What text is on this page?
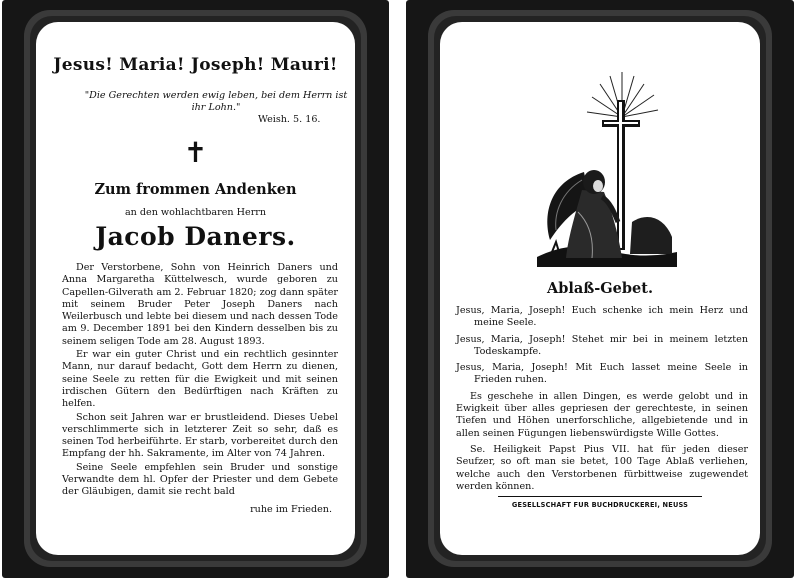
Jesus! Maria! Joseph! Mauri!
"Die Gerechten werden ewig leben, bei dem Herrn ist ihr Lohn."
Weish. 5. 16.
✝
Zum frommen Andenken
an den wohlachtbaren Herrn
Jacob Daners.
Der Verstorbene, Sohn von Heinrich Daners und Anna Margaretha Küttelwesch, wurde geboren zu Capellen-Gilverath am 2. Februar 1820; zog dann später mit seinem Bruder Peter Joseph Daners nach Weilerbusch und lebte bei diesem und nach dessen Tode am 9. December 1891 bei den Kindern desselben bis zu seinem seligen Tode am 28. August 1893.
Er war ein guter Christ und ein rechtlich gesinnter Mann, nur darauf bedacht, Gott dem Herrn zu dienen, seine Seele zu retten für die Ewigkeit und mit seinen irdischen Gütern den Bedürftigen nach Kräften zu helfen.
Schon seit Jahren war er brustleidend. Dieses Uebel verschlimmerte sich in letzterer Zeit so sehr, daß es seinen Tod herbeiführte. Er starb, vorbereitet durch den Empfang der hh. Sakramente, im Alter von 74 Jahren.
Seine Seele empfehlen sein Bruder und sonstige Verwandte dem hl. Opfer der Priester und dem Gebete der Gläubigen, damit sie recht bald
ruhe im Frieden.
Ablaß-Gebet.
Jesus, Maria, Joseph! Euch schenke ich mein Herz und meine Seele.
Jesus, Maria, Joseph! Stehet mir bei in meinem letzten Todeskampfe.
Jesus, Maria, Joseph! Mit Euch lasset meine Seele in Frieden ruhen.
Es geschehe in allen Dingen, es werde gelobt und in Ewigkeit über alles gepriesen der gerechteste, in seinen Tiefen und Höhen unerforschliche, allgebietende und in allen seinen Fügungen liebenswürdigste Wille Gottes.
Se. Heiligkeit Papst Pius VII. hat für jeden dieser Seufzer, so oft man sie betet, 100 Tage Ablaß verliehen, welche auch den Verstorbenen fürbittweise zugewendet werden können.
GESELLSCHAFT FUR BUCHDRUCKEREI, NEUSS
